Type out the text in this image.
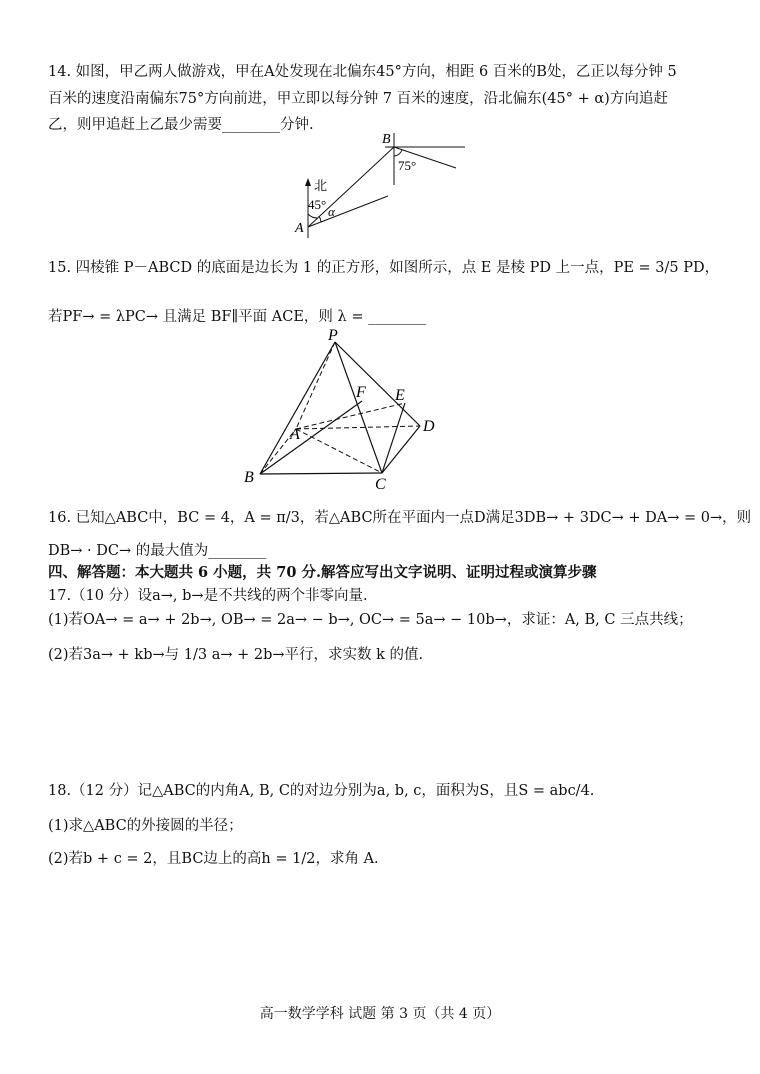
14. 如图，甲乙两人做游戏，甲在A处发现在北偏东45°方向，相距 6 百米的B处，乙正以每分钟 5
百米的速度沿南偏东75°方向前进，甲立即以每分钟 7 百米的速度，沿北偏东(45° + α)方向追赶
乙，则甲追赶上乙最少需要________分钟.
B
75°
北
45° α
A
15. 四棱锥 P－ABCD 的底面是边长为 1 的正方形，如图所示，点 E 是棱 PD 上一点，PE = 3/5 PD，
若PF→ = λPC→ 且满足 BF∥平面 ACE，则 λ = ________
P
F E
A	D
B	C
16. 已知△ABC中，BC = 4，A = π/3，若△ABC所在平面内一点D满足3DB→ + 3DC→ + DA→ = 0→，则
DB→ · DC→ 的最大值为________
四、解答题：本大题共 6 小题，共 70 分.解答应写出文字说明、证明过程或演算步骤
17.（10 分）设a→, b→是不共线的两个非零向量.
(1)若OA→ = a→ + 2b→, OB→ = 2a→ − b→, OC→ = 5a→ − 10b→，求证：A, B, C 三点共线；
(2)若3a→ + kb→与 1/3 a→ + 2b→平行，求实数 k 的值.
18.（12 分）记△ABC的内角A, B, C的对边分别为a, b, c，面积为S，且S = abc/4.
(1)求△ABC的外接圆的半径；
(2)若b + c = 2，且BC边上的高h = 1/2，求角 A.
高一数学学科 试题 第 3 页（共 4 页）
